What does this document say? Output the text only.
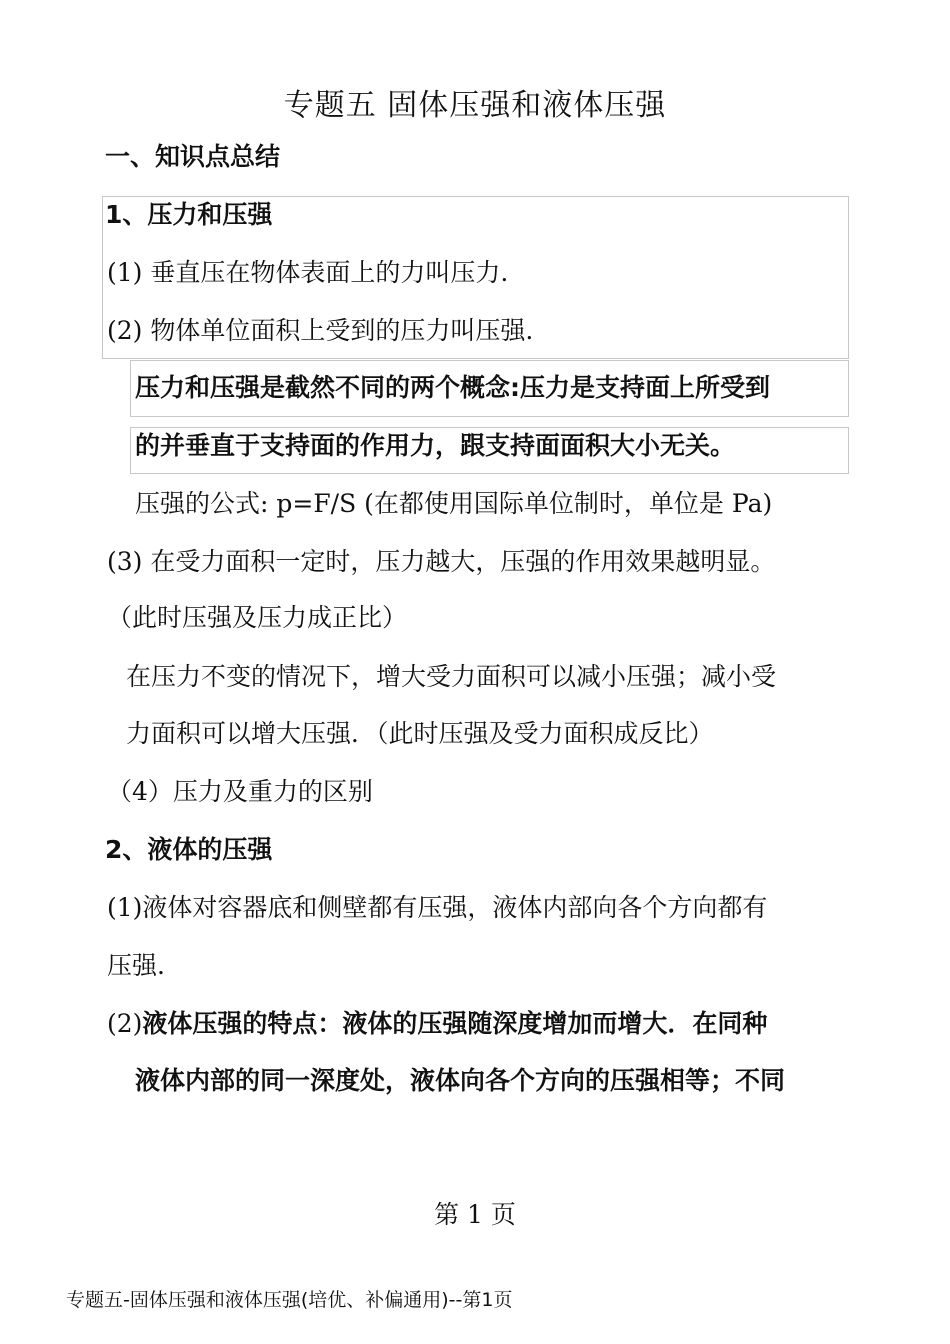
专题五 固体压强和液体压强
一、知识点总结
1、压力和压强
(1) 垂直压在物体表面上的力叫压力.
(2) 物体单位面积上受到的压力叫压强.
压力和压强是截然不同的两个概念:压力是支持面上所受到
的并垂直于支持面的作用力，跟支持面面积大小无关。
压强的公式: p=F/S (在都使用国际单位制时，单位是 Pa)
(3) 在受力面积一定时，压力越大，压强的作用效果越明显。
（此时压强及压力成正比）
在压力不变的情况下，增大受力面积可以减小压强；减小受
力面积可以增大压强．（此时压强及受力面积成反比）
（4）压力及重力的区别
2、液体的压强
(1)液体对容器底和侧壁都有压强，液体内部向各个方向都有
压强.
(2)液体压强的特点：液体的压强随深度增加而增大．在同种
液体内部的同一深度处，液体向各个方向的压强相等；不同
第 1 页
专题五-固体压强和液体压强(培优、补偏通用)--第1页
